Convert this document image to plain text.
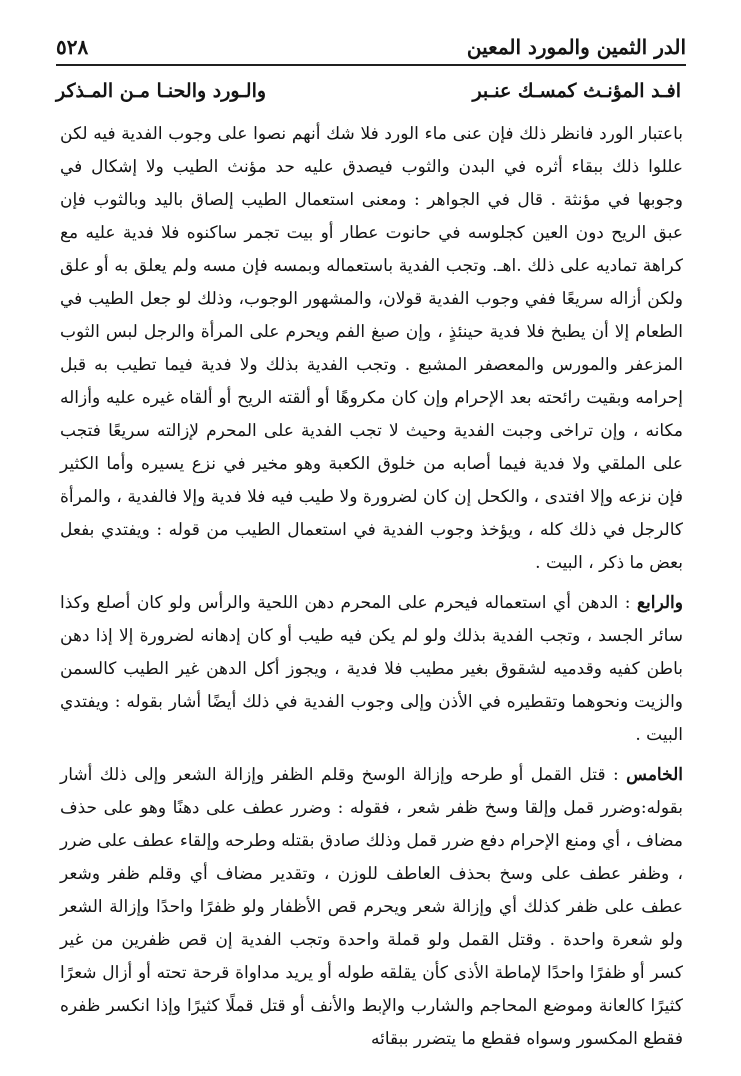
الدر الثمين والمورد المعين
٥٢٨
افـد المؤنـث كمسـك عنـبر
والـورد والحنـا مـن المـذكر

باعتبار الورد فانظر ذلك فإن عنى ماء الورد فلا شك أنهم نصوا على وجوب الفدية فيه لكن عللوا ذلك ببقاء أثره في البدن والثوب فيصدق عليه حد مؤنث الطيب ولا إشكال في وجوبها في مؤنثة . قال في الجواهر : ومعنى استعمال الطيب إلصاق باليد وبالثوب فإن عبق الريح دون العين كجلوسه في حانوت عطار أو بيت تجمر ساكنوه فلا فدية عليه مع كراهة تماديه على ذلك .اهـ. وتجب الفدية باستعماله وبمسه فإن مسه ولم يعلق به أو علق ولكن أزاله سريعًا ففي وجوب الفدية قولان، والمشهور الوجوب، وذلك لو جعل الطيب في الطعام إلا أن يطبخ فلا فدية حينئذٍ ، وإن صبغ الفم ويحرم على المرأة والرجل لبس الثوب المزعفر والمورس والمعصفر المشبع . وتجب الفدية بذلك ولا فدية فيما تطيب به قبل إحرامه وبقيت رائحته بعد الإحرام وإن كان مكروهًا أو ألقته الريح أو ألقاه غيره عليه وأزاله مكانه ، وإن تراخى وجبت الفدية وحيث لا تجب الفدية على المحرم لإزالته سريعًا فتجب على الملقي ولا فدية فيما أصابه من خلوق الكعبة وهو مخير في نزع يسيره وأما الكثير فإن نزعه وإلا افتدى ، والكحل إن كان لضرورة ولا طيب فيه فلا فدية وإلا فالفدية ، والمرأة كالرجل في ذلك كله ، ويؤخذ وجوب الفدية في استعمال الطيب من قوله : ويفتدي بفعل بعض ما ذكر ، البيت .

والرابع : الدهن أي استعماله فيحرم على المحرم دهن اللحية والرأس ولو كان أصلع وكذا سائر الجسد ، وتجب الفدية بذلك ولو لم يكن فيه طيب أو كان إدهانه لضرورة إلا إذا دهن باطن كفيه وقدميه لشقوق بغير مطيب فلا فدية ، ويجوز أكل الدهن غير الطيب كالسمن والزيت ونحوهما وتقطيره في الأذن وإلى وجوب الفدية في ذلك أيضًا أشار بقوله : ويفتدي البيت .

الخامس : قتل القمل أو طرحه وإزالة الوسخ وقلم الظفر وإزالة الشعر وإلى ذلك أشار بقوله:وضرر قمل وإلقا وسخ ظفر شعر ، فقوله : وضرر عطف على دهنًا وهو على حذف مضاف ، أي ومنع الإحرام دفع ضرر قمل وذلك صادق بقتله وطرحه وإلقاء عطف على ضرر ، وظفر عطف على وسخ بحذف العاطف للوزن ، وتقدير مضاف أي وقلم ظفر وشعر عطف على ظفر كذلك أي وإزالة شعر ويحرم قص الأظفار ولو ظفرًا واحدًا وإزالة الشعر ولو شعرة واحدة . وقتل القمل ولو قملة واحدة وتجب الفدية إن قص ظفرين من غير كسر أو ظفرًا واحدًا لإماطة الأذى كأن يقلقه طوله أو يريد مداواة قرحة تحته أو أزال شعرًا كثيرًا كالعانة وموضع المحاجم والشارب والإبط والأنف أو قتل قملًا كثيرًا وإذا انكسر ظفره فقطع المكسور وسواه فقطع ما يتضرر ببقائه
